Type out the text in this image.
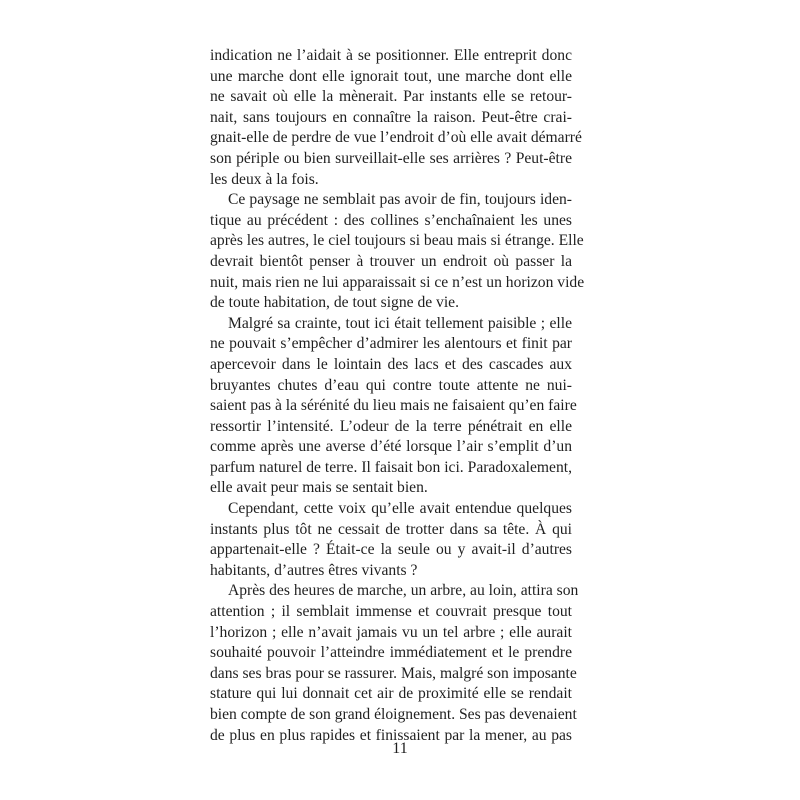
indication ne l’aidait à se positionner. Elle entreprit donc
une marche dont elle ignorait tout, une marche dont elle
ne savait où elle la mènerait. Par instants elle se retour-
nait, sans toujours en connaître la raison. Peut-être crai-
gnait-elle de perdre de vue l’endroit d’où elle avait démarré
son périple ou bien surveillait-elle ses arrières ? Peut-être
les deux à la fois.
Ce paysage ne semblait pas avoir de fin, toujours iden-
tique au précédent : des collines s’enchaînaient les unes
après les autres, le ciel toujours si beau mais si étrange. Elle
devrait bientôt penser à trouver un endroit où passer la
nuit, mais rien ne lui apparaissait si ce n’est un horizon vide
de toute habitation, de tout signe de vie.
Malgré sa crainte, tout ici était tellement paisible ; elle
ne pouvait s’empêcher d’admirer les alentours et finit par
apercevoir dans le lointain des lacs et des cascades aux
bruyantes chutes d’eau qui contre toute attente ne nui-
saient pas à la sérénité du lieu mais ne faisaient qu’en faire
ressortir l’intensité. L’odeur de la terre pénétrait en elle
comme après une averse d’été lorsque l’air s’emplit d’un
parfum naturel de terre. Il faisait bon ici. Paradoxalement,
elle avait peur mais se sentait bien.
Cependant, cette voix qu’elle avait entendue quelques
instants plus tôt ne cessait de trotter dans sa tête. À qui
appartenait-elle ? Était-ce la seule ou y avait-il d’autres
habitants, d’autres êtres vivants ?
Après des heures de marche, un arbre, au loin, attira son
attention ; il semblait immense et couvrait presque tout
l’horizon ; elle n’avait jamais vu un tel arbre ; elle aurait
souhaité pouvoir l’atteindre immédiatement et le prendre
dans ses bras pour se rassurer. Mais, malgré son imposante
stature qui lui donnait cet air de proximité elle se rendait
bien compte de son grand éloignement. Ses pas devenaient
de plus en plus rapides et finissaient par la mener, au pas
11
